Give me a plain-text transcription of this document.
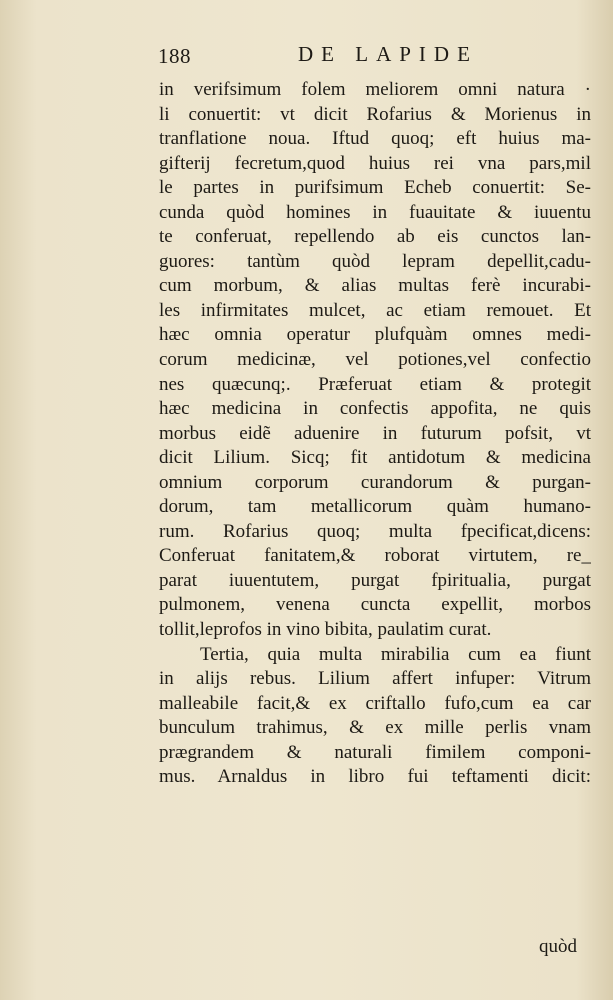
188	DE LAPIDE
in verifsimum folem meliorem omni natura ·
li conuertit: vt dicit Rofarius & Morienus in
tranflatione noua. Iftud quoq; eft huius ma-
gifterij fecretum,quod huius rei vna pars,mil
le partes in purifsimum Echeb conuertit: Se-
cunda quòd homines in fuauitate & iuuentu
te conferuat, repellendo ab eis cunctos lan-
guores: tantùm quòd lepram depellit,cadu-
cum morbum, & alias multas ferè incurabi-
les infirmitates mulcet, ac etiam remouet. Et
hæc omnia operatur plufquàm omnes medi-
corum medicinæ, vel potiones,vel confectio
nes quæcunq;. Præferuat etiam & protegit
hæc medicina in confectis appofita, ne quis
morbus eidẽ aduenire in futurum pofsit, vt
dicit Lilium. Sicq; fit antidotum & medicina
omnium corporum curandorum & purgan-
dorum, tam metallicorum quàm humano-
rum. Rofarius quoq; multa fpecificat,dicens:
Conferuat fanitatem,& roborat virtutem, re_
parat iuuentutem, purgat fpiritualia, purgat
pulmonem, venena cuncta expellit, morbos
tollit,leprofos in vino bibita, paulatim curat.
Tertia, quia multa mirabilia cum ea fiunt
in alijs rebus. Lilium affert infuper: Vitrum
malleabile facit,& ex criftallo fufo,cum ea car
bunculum trahimus, & ex mille perlis vnam
prægrandem & naturali fimilem componi-
mus. Arnaldus in libro fui teftamenti dicit:
quòd
